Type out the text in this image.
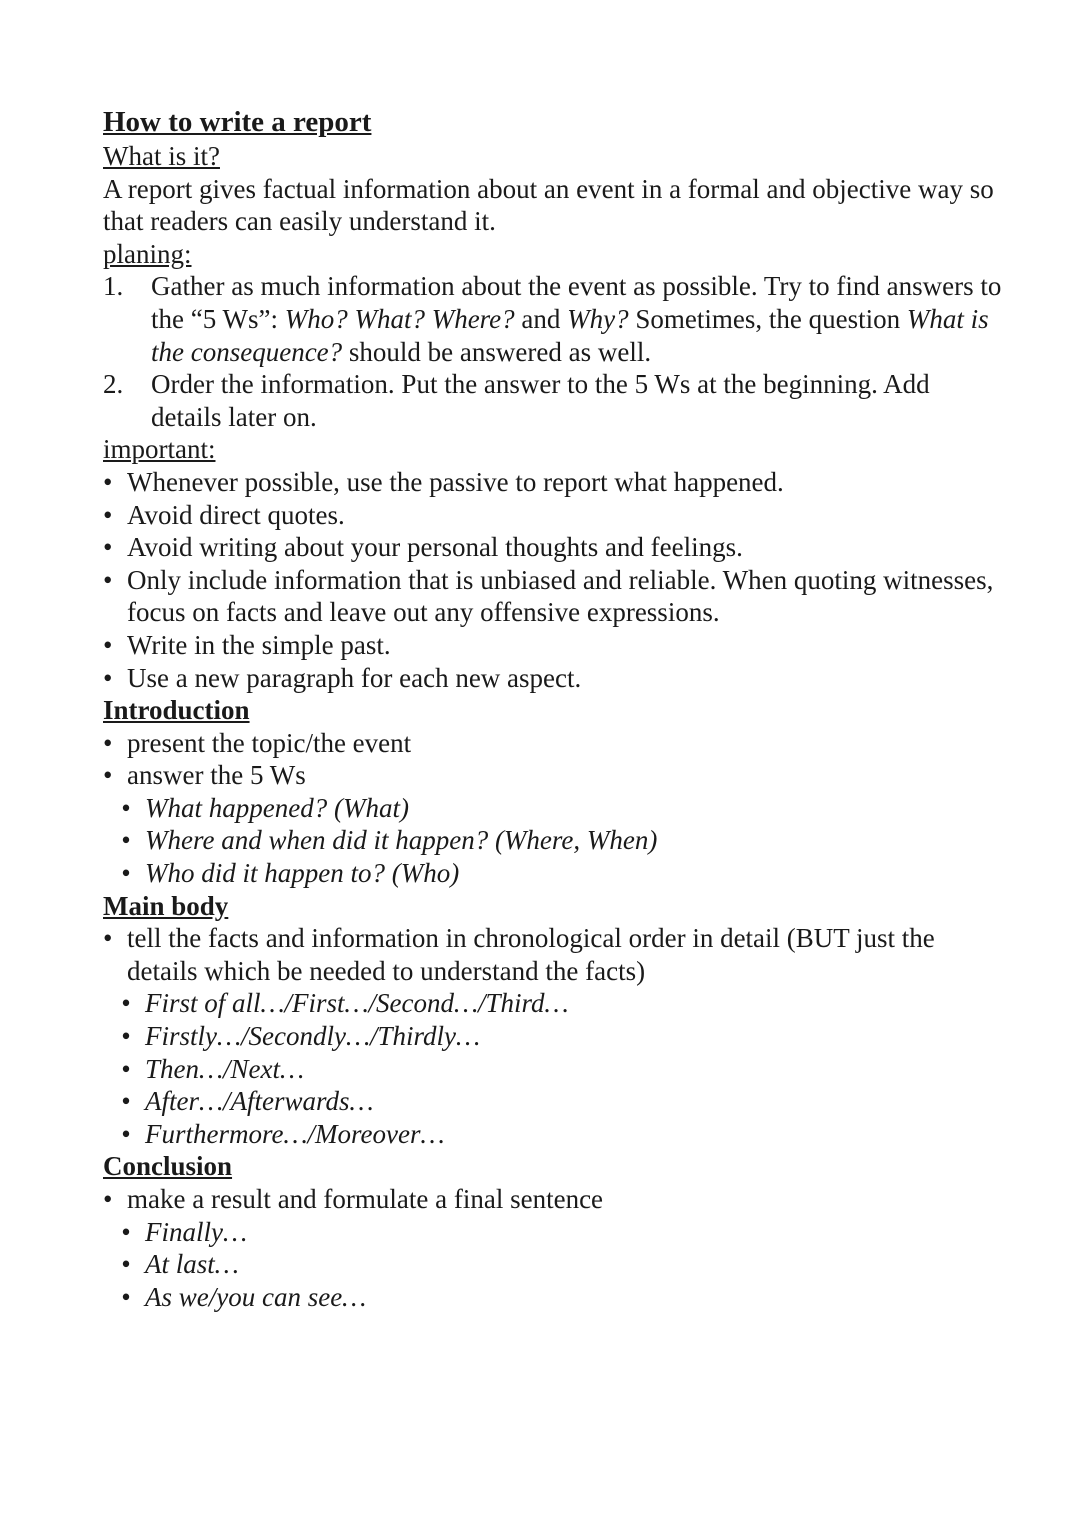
How to write a report

What is it?

A report gives factual information about an event in a formal and objective way so that readers can easily understand it.

planing:

1. Gather as much information about the event as possible. Try to find answers to the “5 Ws”: Who? What? Where? and Why? Sometimes, the question What is the consequence? should be answered as well.
2. Order the information. Put the answer to the 5 Ws at the beginning. Add details later on.

important:

• Whenever possible, use the passive to report what happened.
• Avoid direct quotes.
• Avoid writing about your personal thoughts and feelings.
• Only include information that is unbiased and reliable. When quoting witnesses, focus on facts and leave out any offensive expressions.
• Write in the simple past.
• Use a new paragraph for each new aspect.

Introduction

• present the topic/the event
• answer the 5 Ws
• What happened? (What)
• Where and when did it happen? (Where, When)
• Who did it happen to? (Who)

Main body

• tell the facts and information in chronological order in detail (BUT just the details which be needed to understand the facts)
• First of all…/First…/Second…/Third…
• Firstly…/Secondly…/Thirdly…
• Then…/Next…
• After…/Afterwards…
• Furthermore…/Moreover…

Conclusion

• make a result and formulate a final sentence
• Finally…
• At last…
• As we/you can see…
